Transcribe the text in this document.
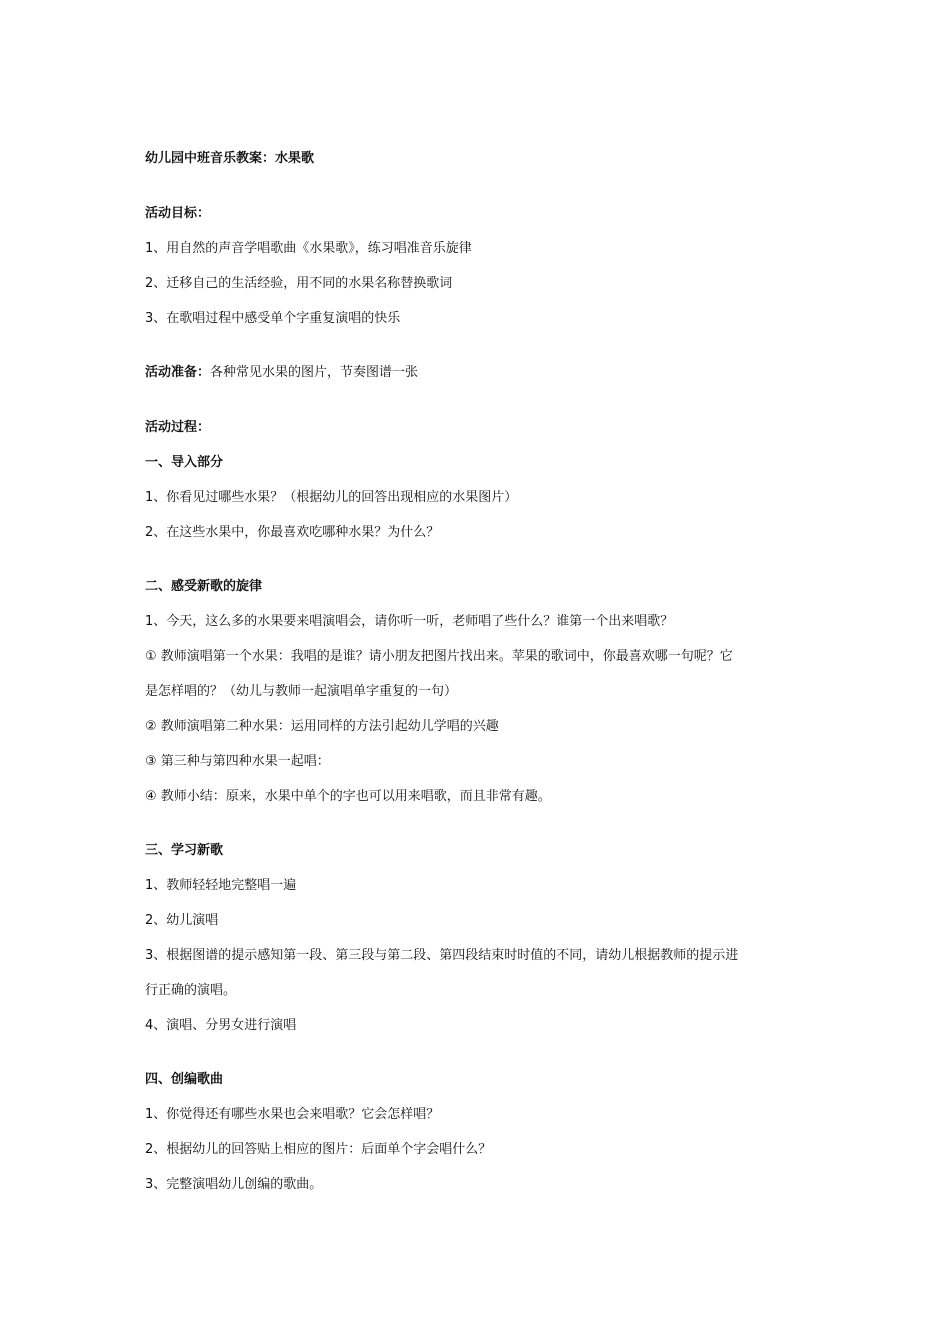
幼儿园中班音乐教案：水果歌
活动目标：
1、用自然的声音学唱歌曲《水果歌》，练习唱准音乐旋律
2、迁移自己的生活经验，用不同的水果名称替换歌词
3、在歌唱过程中感受单个字重复演唱的快乐
活动准备：各种常见水果的图片，节奏图谱一张
活动过程：
一、导入部分
1、你看见过哪些水果？（根据幼儿的回答出现相应的水果图片）
2、在这些水果中，你最喜欢吃哪种水果？为什么？
二、感受新歌的旋律
1、今天，这么多的水果要来唱演唱会，请你听一听，老师唱了些什么？谁第一个出来唱歌？
① 教师演唱第一个水果：我唱的是谁？请小朋友把图片找出来。苹果的歌词中，你最喜欢哪一句呢？它
是怎样唱的？（幼儿与教师一起演唱单字重复的一句）
② 教师演唱第二种水果：运用同样的方法引起幼儿学唱的兴趣
③ 第三种与第四种水果一起唱：
④ 教师小结：原来，水果中单个的字也可以用来唱歌，而且非常有趣。
三、学习新歌
1、教师轻轻地完整唱一遍
2、幼儿演唱
3、根据图谱的提示感知第一段、第三段与第二段、第四段结束时时值的不同，请幼儿根据教师的提示进
行正确的演唱。
4、演唱、分男女进行演唱
四、创编歌曲
1、你觉得还有哪些水果也会来唱歌？它会怎样唱？
2、根据幼儿的回答贴上相应的图片：后面单个字会唱什么？
3、完整演唱幼儿创编的歌曲。
